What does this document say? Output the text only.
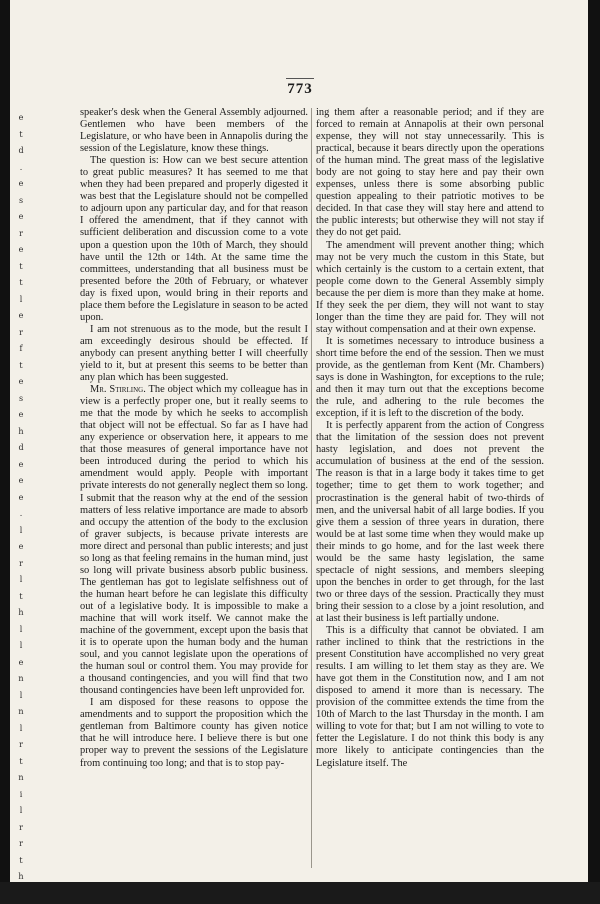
e
t
d
.
e
s
e
r
e
t
t
l
e
r
f
t
e
s
e
h
d
e
e
e
.
l
e
r
l
t
h
l
l
e
n
l
n
l
r
t
n
i
l
r
r
t
h
773

speaker's desk when the General Assembly adjourned. Gentlemen who have been members of the Legislature, or who have been in Annapolis during the session of the Legislature, know these things.

The question is: How can we best secure attention to great public measures? It has seemed to me that when they had been prepared and properly digested it was best that the Legislature should not be compelled to adjourn upon any particular day, and for that reason I offered the amendment, that if they cannot with sufficient deliberation and discussion come to a vote upon a question upon the 10th of March, they should have until the 12th or 14th. At the same time the committees, understanding that all business must be presented before the 20th of February, or whatever day is fixed upon, would bring in their reports and place them before the Legislature in season to be acted upon.

I am not strenuous as to the mode, but the result I am exceedingly desirous should be effected. If anybody can present anything better I will cheerfully yield to it, but at present this seems to be better than any plan which has been suggested.

Mr. Stirling. The object which my colleague has in view is a perfectly proper one, but it really seems to me that the mode by which he seeks to accomplish that object will not be effectual. So far as I have had any experience or observation here, it appears to me that those measures of general importance have not been introduced during the period to which his amendment would apply. People with important private interests do not generally neglect them so long. I submit that the reason why at the end of the session matters of less relative importance are made to absorb and occupy the attention of the body to the exclusion of graver subjects, is because private interests are more direct and personal than public interests; and just so long as that feeling remains in the human mind, just so long will private business absorb public business. The gentleman has got to legislate selfishness out of the human heart before he can legislate this difficulty out of a legislative body. It is impossible to make a machine that will work itself. We cannot make the machine of the government, except upon the basis that it is to operate upon the human body and the human soul, and you cannot legislate upon the operations of the human soul or control them. You may provide for a thousand contingencies, and you will find that two thousand contingencies have been left unprovided for.

I am disposed for these reasons to oppose the amendments and to support the proposition which the gentleman from Baltimore county has given notice that he will introduce here. I believe there is but one proper way to prevent the sessions of the Legislature from continuing too long; and that is to stop pay-

ing them after a reasonable period; and if they are forced to remain at Annapolis at their own personal expense, they will not stay unnecessarily. This is practical, because it bears directly upon the operations of the human mind. The great mass of the legislative body are not going to stay here and pay their own expenses, unless there is some absorbing public question appealing to their patriotic motives to be decided. In that case they will stay here and attend to the public interests; but otherwise they will not stay if they do not get paid.

The amendment will prevent another thing; which may not be very much the custom in this State, but which certainly is the custom to a certain extent, that people come down to the General Assembly simply because the per diem is more than they make at home. If they seek the per diem, they will not want to stay longer than the time they are paid for. They will not stay without compensation and at their own expense.

It is sometimes necessary to introduce business a short time before the end of the session. Then we must provide, as the gentleman from Kent (Mr. Chambers) says is done in Washington, for exceptions to the rule; and then it may turn out that the exceptions become the rule, and adhering to the rule becomes the exception, if it is left to the discretion of the body.

It is perfectly apparent from the action of Congress that the limitation of the session does not prevent hasty legislation, and does not prevent the accumulation of business at the end of the session. The reason is that in a large body it takes time to get together; time to get them to work together; and procrastination is the general habit of two-thirds of men, and the universal habit of all large bodies. If you give them a session of three years in duration, there would be at last some time when they would make up their minds to go home, and for the last week there would be the same hasty legislation, the same spectacle of night sessions, and members sleeping upon the benches in order to get through, for the last two or three days of the session. Practically they must bring their session to a close by a joint resolution, and at last their business is left partially undone.

This is a difficulty that cannot be obviated. I am rather inclined to think that the restrictions in the present Constitution have accomplished no very great results. I am willing to let them stay as they are. We have got them in the Constitution now, and I am not disposed to amend it more than is necessary. The provision of the committee extends the time from the 10th of March to the last Thursday in the month. I am willing to vote for that; but I am not willing to vote to fetter the Legislature. I do not think this body is any more likely to anticipate contingencies than the Legislature itself. The
